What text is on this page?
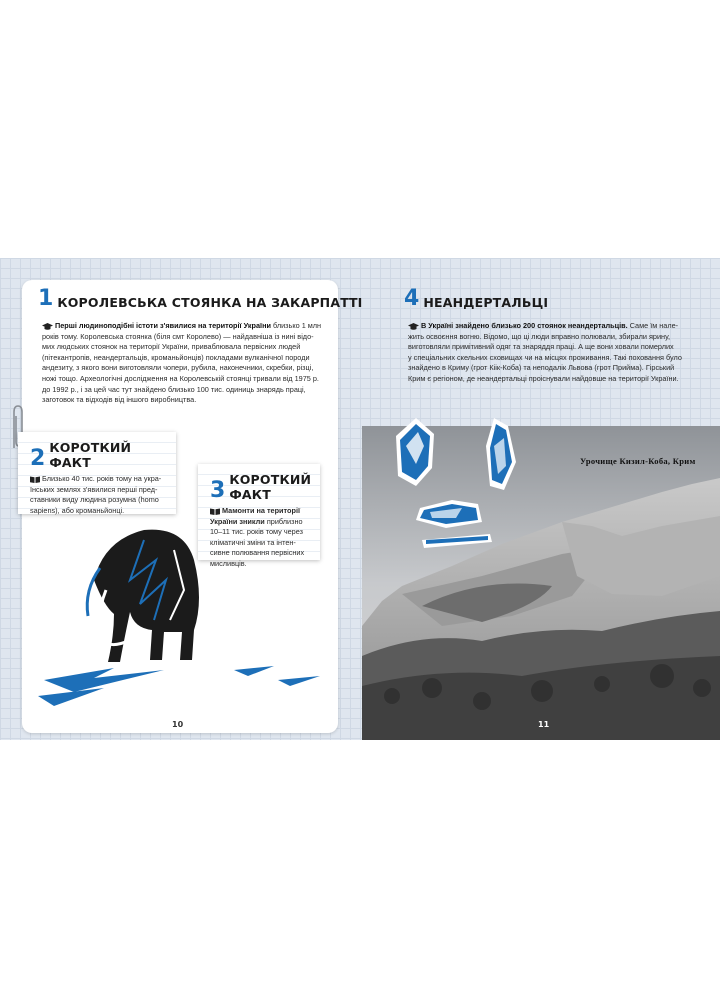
1 КОРОЛЕВСЬКА СТОЯНКА НА ЗАКАРПАТТІ
Перші людиноподібні істоти з'явилися на території України близько 1 млн
років тому. Королевська стоянка (біля смт Королево) — найдавніша із нині відо-
мих людських стоянок на території України, приваблювала первісних людей
(пітекантропів, неандертальців, кроманьйонців) покладами вулканічної породи
андезиту, з якого вони виготовляли чопери, рубила, наконечники, скребки, різці,
ножі тощо. Археологічні дослідження на Королевській стоянці тривали від 1975 р.
до 1992 р., і за цей час тут знайдено близько 100 тис. одиниць знарядь праці,
заготовок та відходів від іншого виробництва.
2 КОРОТКИЙ ФАКТ
Близько 40 тис. років тому на укра-
їнських землях з'явилися перші пред-
ставники виду людина розумна (homo
sapiens), або кроманьйонці.
3 КОРОТКИЙ ФАКТ
Мамонти на території
України зникли приблизно
10–11 тис. років тому через
кліматичні зміни та інтен-
сивне полювання первісних
мисливців.
10
4 НЕАНДЕРТАЛЬЦІ
В Україні знайдено близько 200 стоянок неандертальців. Саме їм нале-
жить освоєння вогню. Відомо, що ці люди вправно полювали, збирали ярину,
виготовляли примітивний одяг та знаряддя праці. А ще вони ховали померлих
у спеціальних скельних сховищах чи на місцях проживання. Такі поховання було
знайдено в Криму (грот Кіік-Коба) та неподалік Львова (грот Прийма). Гірський
Крим є регіоном, де неандертальці проіснували найдовше на території України.
Урочище Кизил-Коба, Крим
11
